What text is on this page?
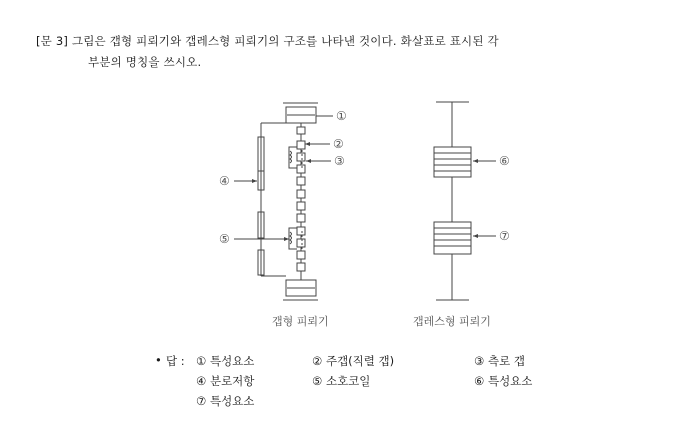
[문 3] 그림은 갭형 피뢰기와 갭레스형 피뢰기의 구조를 나타낸 것이다. 화살표로 표시된 각
부분의 명칭을 쓰시오.
①
②
③
④
⑤
⑥
⑦
갭형 피뢰기	갭레스형 피뢰기
• 답 : ① 특성요소	② 주갭(직렬 갭)	③ 측로 갭
④ 분로저항	⑤ 소호코일	⑥ 특성요소
⑦ 특성요소
